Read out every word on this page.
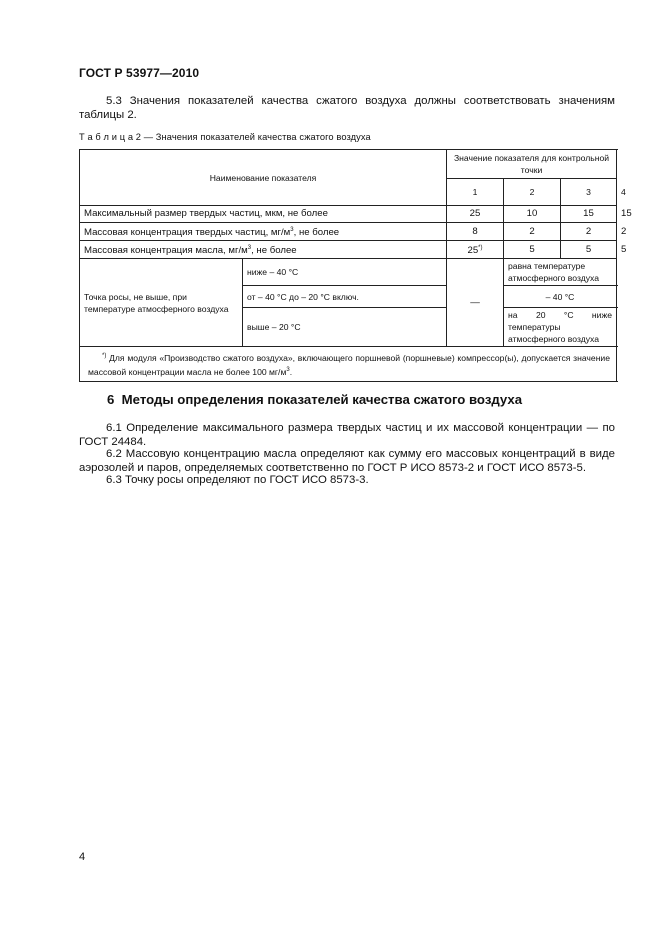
ГОСТ Р 53977—2010
5.3 Значения показателей качества сжатого воздуха должны соответствовать значениям таблицы 2.
Т а б л и ц а 2 — Значения показателей качества сжатого воздуха
Наименование показателя		Значение показателя для контрольной точки			
		1	2	3	4
Максимальный размер твердых частиц, мкм, не более		25	10	15	15
Массовая концентрация твердых частиц, $мг/м^3$, не более		8	2	2	2
Массовая концентрация масла, $мг/м^3$, не более		25*)	5	5	5
Точка росы, не выше, при температуре атмосферного воздуха	ниже – 40 °С	—	равна температуре атмосферного воздуха		
	от – 40 °С до – 20 °С включ.		– 40 °С		
	выше – 20 °С		на 20 °С ниже температуры атмосферного воздуха		
*) Для модуля «Производство сжатого воздуха», включающего поршневой (поршневые) компрессор(ы), допускается значение массовой концентрации масла не более 100 $мг/м^3$.					
6 Методы определения показателей качества сжатого воздуха
6.1 Определение максимального размера твердых частиц и их массовой концентрации — по ГОСТ 24484.
6.2 Массовую концентрацию масла определяют как сумму его массовых концентраций в виде аэрозолей и паров, определяемых соответственно по ГОСТ Р ИСО 8573-2 и ГОСТ ИСО 8573-5.
6.3 Точку росы определяют по ГОСТ ИСО 8573-3.
4
